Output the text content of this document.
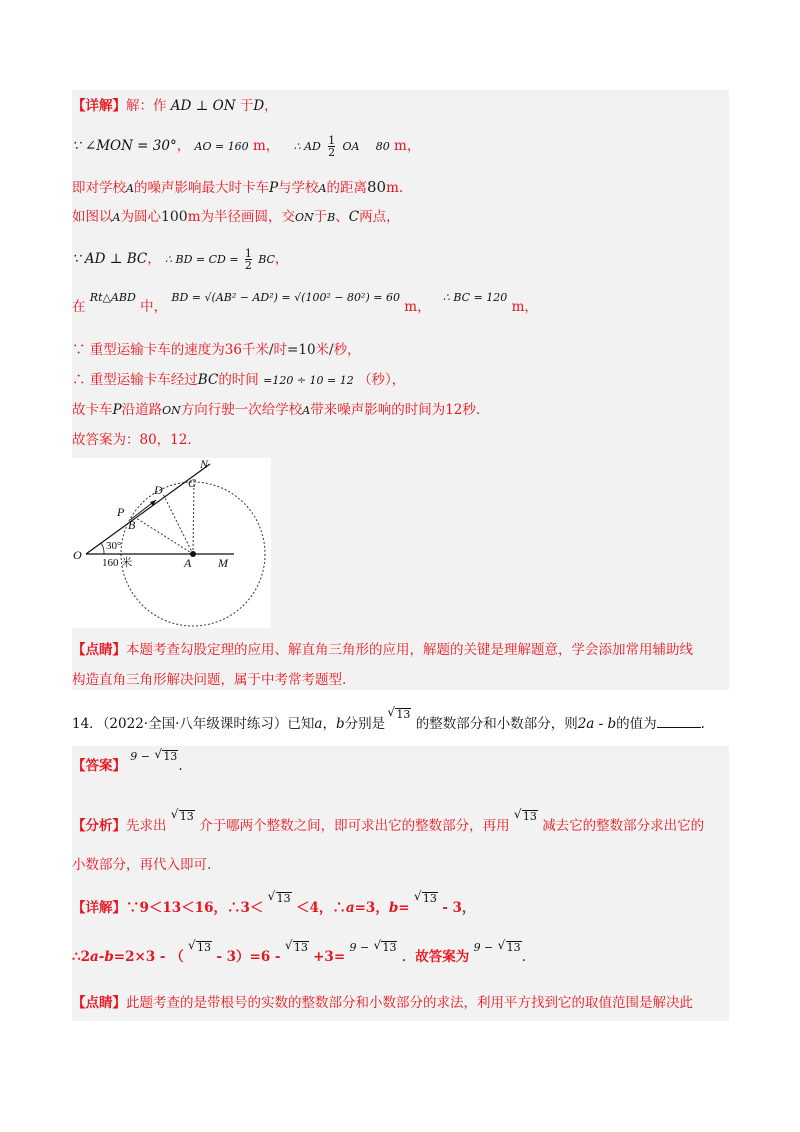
【详解】解：作 AD ⊥ ON 于D，
∵ ∠MON = 30°， AO = 160 m， ∴ AD $\frac{1}{2}$ OA 80 m，
即对学校A的噪声影响最大时卡车P与学校A的距离80m.
如图以A为圆心100m为半径画圆，交ON于B、C两点，
∵ AD ⊥ BC， ∴ BD = CD = $\frac{1}{2}$ BC，
在 $^{Rt\triangle ABD}$ 中， $^{BD = √(AB^2 - AD^2) = √(100^2 - 80^2) = 60}$ m， $^{\therefore BC = 120}$ m，
∵ 重型运输卡车的速度为36千米/时=10米/秒，
∴ 重型运输卡车经过BC的时间 =120 ÷ 10 = 12 （秒），
故卡车P沿道路ON方向行驶一次给学校A带来噪声影响的时间为12秒.
故答案为：80，12.
N
C
D
P
B
O
A M
30°
160 米
【点睛】本题考查勾股定理的应用、解直角三角形的应用，解题的关键是理解题意，学会添加常用辅助线
构造直角三角形解决问题，属于中考常考题型.
14．（2022·全国·八年级课时练习）已知a，b分别是 √ 13 的整数部分和小数部分，则2a - b的值为	.
【答案】 $^{9 -}$ √ 13.
【分析】先求出 √ 13 介于哪两个整数之间，即可求出它的整数部分，再用 √ 13 减去它的整数部分求出它的
小数部分，再代入即可.
【详解】∵9＜13＜16，∴3＜ √ 13 ＜4，∴a=3，b= √ 13 - 3，
∴2a-b=2×3 - （ √ 13 - 3）=6 - √ 13 +3= $^{9 -}$ √ 13 ．故答案为 $^{9 -}$ √ 13.
【点睛】此题考查的是带根号的实数的整数部分和小数部分的求法，利用平方找到它的取值范围是解决此
